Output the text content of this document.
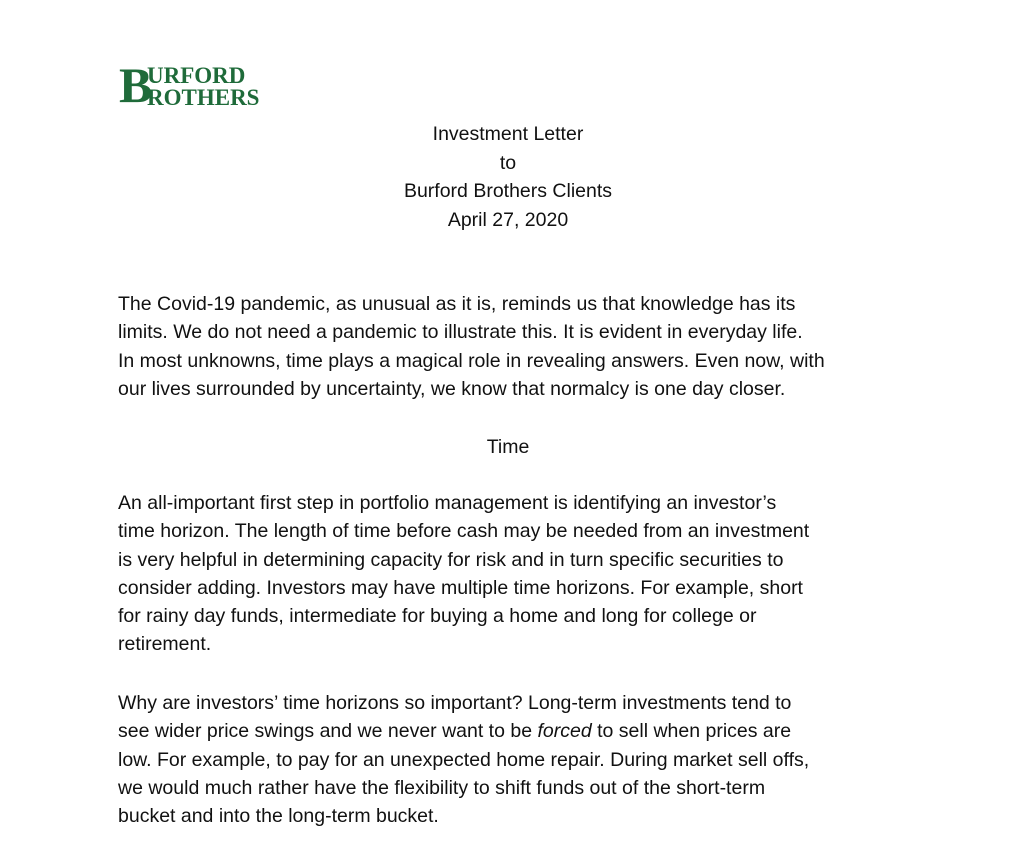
B
URFORD
ROTHERS
Investment Letter
to
Burford Brothers Clients
April 27, 2020
The Covid-19 pandemic, as unusual as it is, reminds us that knowledge has its
limits. We do not need a pandemic to illustrate this. It is evident in everyday life.
In most unknowns, time plays a magical role in revealing answers. Even now, with
our lives surrounded by uncertainty, we know that normalcy is one day closer.
Time
An all-important first step in portfolio management is identifying an investor’s
time horizon. The length of time before cash may be needed from an investment
is very helpful in determining capacity for risk and in turn specific securities to
consider adding. Investors may have multiple time horizons. For example, short
for rainy day funds, intermediate for buying a home and long for college or
retirement.
Why are investors’ time horizons so important? Long-term investments tend to
see wider price swings and we never want to be forced to sell when prices are
low. For example, to pay for an unexpected home repair. During market sell offs,
we would much rather have the flexibility to shift funds out of the short-term
bucket and into the long-term bucket.
